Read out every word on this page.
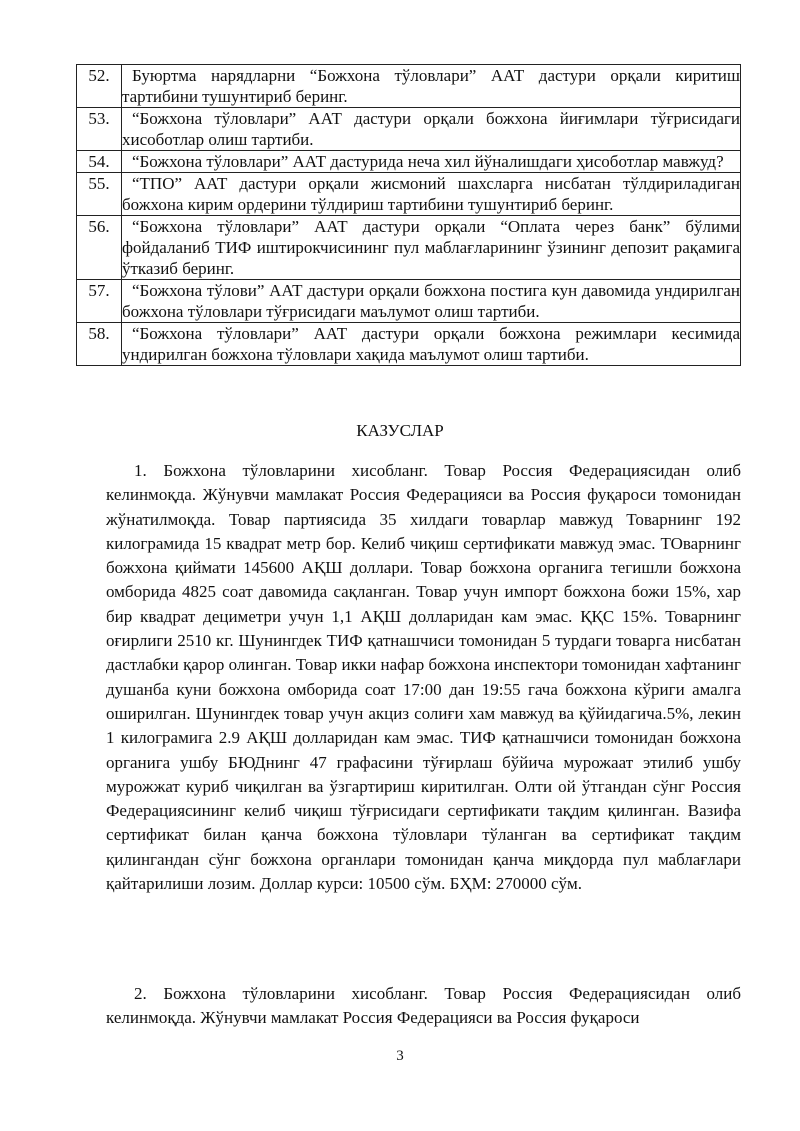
52.	Буюртма нарядларни “Божхона тўловлари” ААТ дастури орқали киритиш тартибини тушунтириб беринг.
53.	“Божхона тўловлари” ААТ дастури орқали божхона йиғимлари тўғрисидаги хисоботлар олиш тартиби.
54.	“Божхона тўловлари” ААТ дастурида неча хил йўналишдаги ҳисоботлар мавжуд?
55.	“ТПО” ААТ дастури орқали жисмоний шахсларга нисбатан тўлдириладиган божхона кирим ордерини тўлдириш тартибини тушунтириб беринг.
56.	“Божхона тўловлари” ААТ дастури орқали “Оплата через банк” бўлими фойдаланиб ТИФ иштирокчисининг пул маблағларининг ўзининг депозит рақамига ўтказиб беринг.
57.	“Божхона тўлови” ААТ дастури орқали божхона постига кун давомида ундирилган божхона тўловлари тўғрисидаги маълумот олиш тартиби.
58.	“Божхона тўловлари” ААТ дастури орқали божхона режимлари кесимида ундирилган божхона тўловлари хақида маълумот олиш тартиби.
КАЗУСЛАР

1. Божхона тўловларини хисобланг. Товар Россия Федерациясидан олиб келинмоқда. Жўнувчи мамлакат Россия Федерацияси ва Россия фуқароси томонидан жўнатилмоқда. Товар партиясида 35 хилдаги товарлар мавжуд Товарнинг 192 килограмида 15 квадрат метр бор. Келиб чиқиш сертификати мавжуд эмас. ТОварнинг божхона қиймати 145600 АҚШ доллари. Товар божхона органига тегишли божхона омборида 4825 соат давомида сақланган. Товар учун импорт божхона божи 15%, хар бир квадрат дециметри учун 1,1 АҚШ долларидан кам эмас. ҚҚС 15%. Товарнинг оғирлиги 2510 кг. Шунингдек ТИФ қатнашчиси томонидан 5 турдаги товарга нисбатан дастлабки қарор олинган. Товар икки нафар божхона инспектори томонидан хафтанинг душанба куни божхона омборида соат 17:00 дан 19:55 гача божхона кўриги амалга оширилган. Шунингдек товар учун акциз солиғи хам мавжуд ва қўйидагича.5%, лекин 1 килограмига 2.9 АҚШ долларидан кам эмас. ТИФ қатнашчиси томонидан божхона органига ушбу БЮДнинг 47 графасини тўғирлаш бўйича мурожаат этилиб ушбу мурожжат куриб чиқилган ва ўзгартириш киритилган. Олти ой ўтгандан сўнг Россия Федерациясининг келиб чиқиш тўғрисидаги сертификати тақдим қилинган. Вазифа сертификат билан қанча божхона тўловлари тўланган ва сертификат тақдим қилингандан сўнг божхона органлари томонидан қанча миқдорда пул маблағлари қайтарилиши лозим. Доллар курси: 10500 сўм. БҲМ: 270000 сўм.

2. Божхона тўловларини хисобланг. Товар Россия Федерациясидан олиб келинмоқда. Жўнувчи мамлакат Россия Федерацияси ва Россия фуқароси

3
